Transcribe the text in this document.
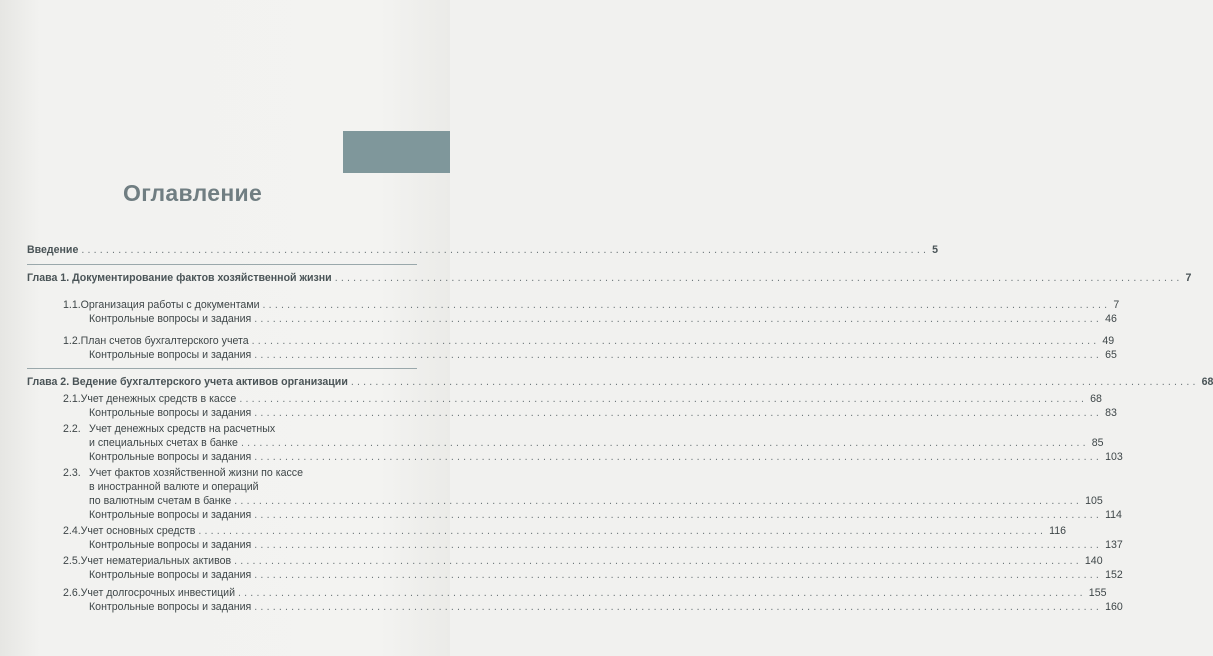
Оглавление
Введение .......................................................................................................................................... 5
Глава 1. Документирование фактов хозяйственной жизни .......................................................................................................................................... 7
1.1. Организация работы с документами .......................................................................................................................................... 7
Контрольные вопросы и задания .......................................................................................................................................... 46
1.2. План счетов бухгалтерского учета .......................................................................................................................................... 49
Контрольные вопросы и задания .......................................................................................................................................... 65
Глава 2. Ведение бухгалтерского учета активов организации .......................................................................................................................................... 68
2.1. Учет денежных средств в кассе .......................................................................................................................................... 68
Контрольные вопросы и задания .......................................................................................................................................... 83
2.2. Учет денежных средств на расчетных
и специальных счетах в банке .......................................................................................................................................... 85
Контрольные вопросы и задания .......................................................................................................................................... 103
2.3. Учет фактов хозяйственной жизни по кассе
в иностранной валюте и операций
по валютным счетам в банке .......................................................................................................................................... 105
Контрольные вопросы и задания .......................................................................................................................................... 114
2.4. Учет основных средств .......................................................................................................................................... 116
Контрольные вопросы и задания .......................................................................................................................................... 137
2.5. Учет нематериальных активов .......................................................................................................................................... 140
Контрольные вопросы и задания .......................................................................................................................................... 152
2.6. Учет долгосрочных инвестиций .......................................................................................................................................... 155
Контрольные вопросы и задания .......................................................................................................................................... 160
